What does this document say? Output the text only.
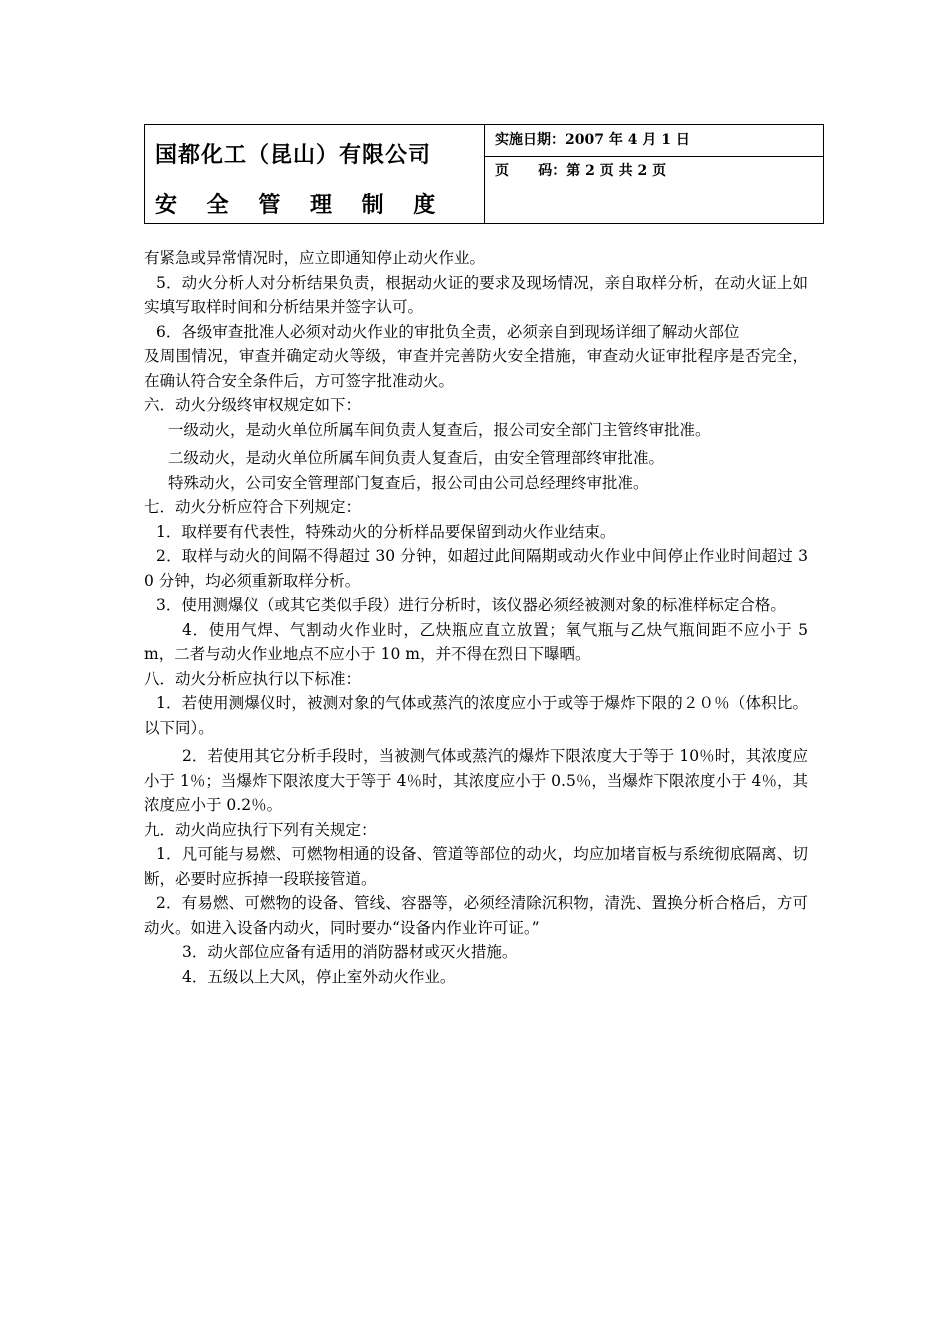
国都化工（昆山）有限公司
安 全 管 理 制 度
实施日期：2007 年 4 月 1 日
页      码：第 2 页 共 2 页

有紧急或异常情况时，应立即通知停止动火作业。

5．动火分析人对分析结果负责，根据动火证的要求及现场情况，亲自取样分析，在动火证上如实填写取样时间和分析结果并签字认可。

6．各级审查批准人必须对动火作业的审批负全责，必须亲自到现场详细了解动火部位

及周围情况，审查并确定动火等级，审查并完善防火安全措施，审查动火证审批程序是否完全，在确认符合安全条件后，方可签字批准动火。

六．动火分级终审权规定如下：

一级动火，是动火单位所属车间负责人复查后，报公司安全部门主管终审批准。

二级动火，是动火单位所属车间负责人复查后，由安全管理部终审批准。

特殊动火，公司安全管理部门复查后，报公司由公司总经理终审批准。

七．动火分析应符合下列规定：

1．取样要有代表性，特殊动火的分析样品要保留到动火作业结束。

2．取样与动火的间隔不得超过 30 分钟，如超过此间隔期或动火作业中间停止作业时间超过 30 分钟，均必须重新取样分析。

3．使用测爆仪（或其它类似手段）进行分析时，该仪器必须经被测对象的标准样标定合格。

4．使用气焊、气割动火作业时，乙炔瓶应直立放置；氧气瓶与乙炔气瓶间距不应小于 5 m，二者与动火作业地点不应小于 10 m，并不得在烈日下曝晒。

八．动火分析应执行以下标准：

1．若使用测爆仪时，被测对象的气体或蒸汽的浓度应小于或等于爆炸下限的２０％（体积比。以下同）。

2．若使用其它分析手段时，当被测气体或蒸汽的爆炸下限浓度大于等于 10％时，其浓度应小于 1％；当爆炸下限浓度大于等于 4％时，其浓度应小于 0.5％，当爆炸下限浓度小于 4％，其浓度应小于 0.2％。

九．动火尚应执行下列有关规定：

1．凡可能与易燃、可燃物相通的设备、管道等部位的动火，均应加堵盲板与系统彻底隔离、切断，必要时应拆掉一段联接管道。

2．有易燃、可燃物的设备、管线、容器等，必须经清除沉积物，清洗、置换分析合格后，方可动火。如进入设备内动火，同时要办“设备内作业许可证。”

3．动火部位应备有适用的消防器材或灭火措施。

4．五级以上大风，停止室外动火作业。
